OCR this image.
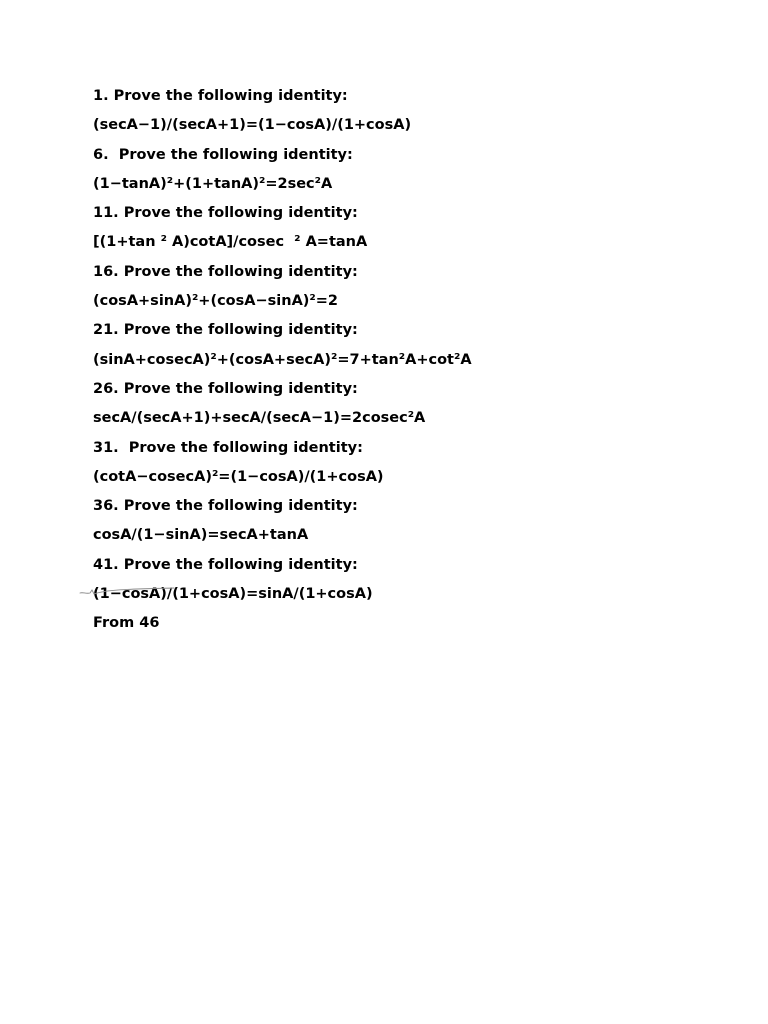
1. Prove the following identity:
(secA−1)/(secA+1)=(1−cosA)/(1+cosA)
6.  Prove the following identity:
(1−tanA)²+(1+tanA)²=2sec²A
11. Prove the following identity:
[(1+tan ² A)cotA]/cosec  ² A=tanA
16. Prove the following identity:
(cosA+sinA)²+(cosA−sinA)²=2
21. Prove the following identity:
(sinA+cosecA)²+(cosA+secA)²=7+tan²A+cot²A
26. Prove the following identity:
secA/(secA+1)+secA/(secA−1)=2cosec²A
31.  Prove the following identity:
(cotA−cosecA)²=(1−cosA)/(1+cosA)
36. Prove the following identity:
cosA/(1−sinA)=secA+tanA
41. Prove the following identity:
(1−cosA)/(1+cosA)=sinA/(1+cosA)
From 46
